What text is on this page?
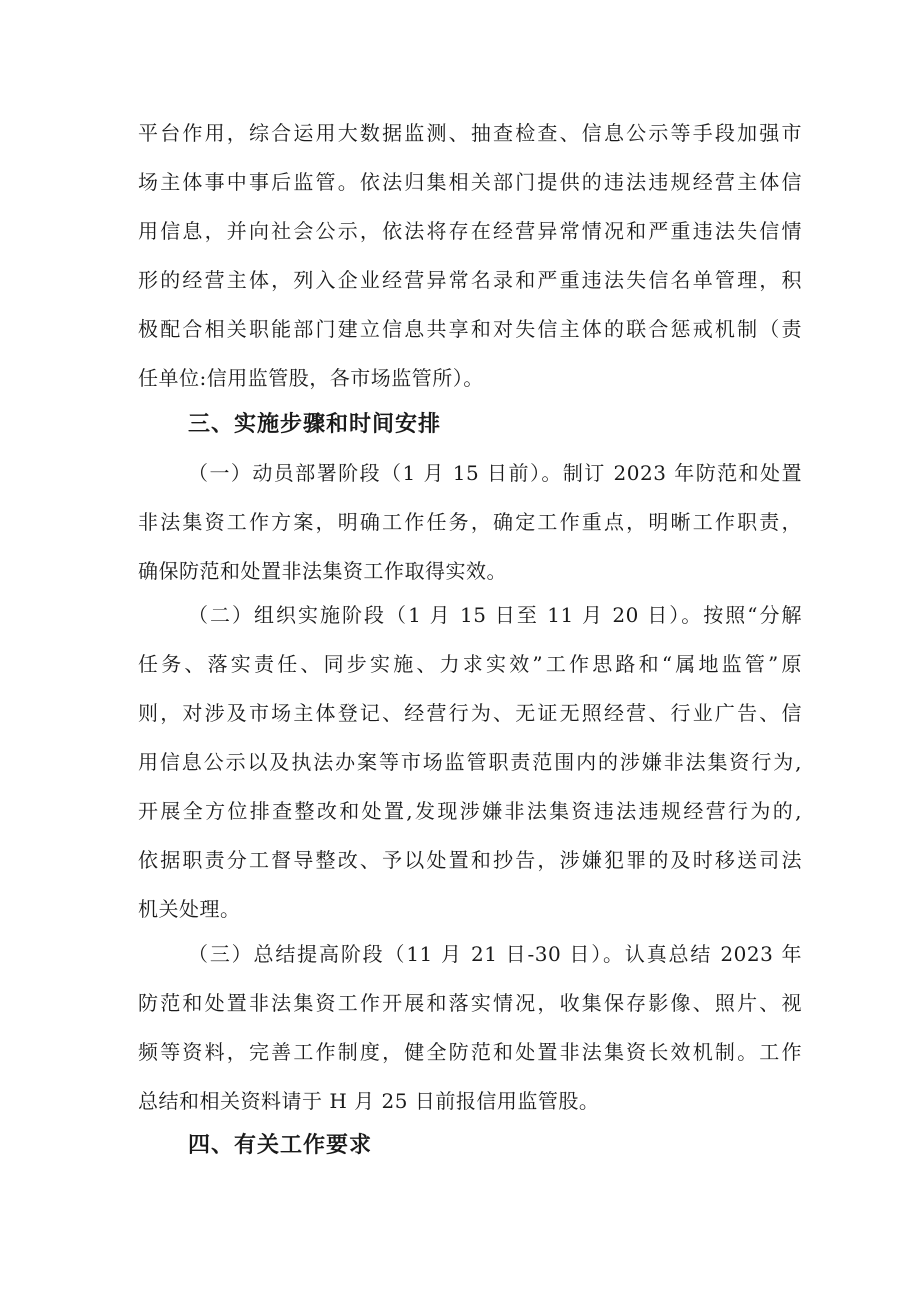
平台作用，综合运用大数据监测、抽查检查、信息公示等手段加强市
场主体事中事后监管。依法归集相关部门提供的违法违规经营主体信
用信息，并向社会公示，依法将存在经营异常情况和严重违法失信情
形的经营主体，列入企业经营异常名录和严重违法失信名单管理，积
极配合相关职能部门建立信息共享和对失信主体的联合惩戒机制（责
任单位:信用监管股，各市场监管所）。
三、实施步骤和时间安排
（一）动员部署阶段（1 月 15 日前）。制订 2023 年防范和处置
非法集资工作方案，明确工作任务，确定工作重点，明晰工作职责，
确保防范和处置非法集资工作取得实效。
（二）组织实施阶段（1 月 15 日至 11 月 20 日）。按照“分解
任务、落实责任、同步实施、力求实效”工作思路和“属地监管”原
则，对涉及市场主体登记、经营行为、无证无照经营、行业广告、信
用信息公示以及执法办案等市场监管职责范围内的涉嫌非法集资行为,
开展全方位排查整改和处置,发现涉嫌非法集资违法违规经营行为的,
依据职责分工督导整改、予以处置和抄告，涉嫌犯罪的及时移送司法
机关处理。
（三）总结提高阶段（11 月 21 日-30 日）。认真总结 2023 年
防范和处置非法集资工作开展和落实情况，收集保存影像、照片、视
频等资料，完善工作制度，健全防范和处置非法集资长效机制。工作
总结和相关资料请于 H 月 25 日前报信用监管股。
四、有关工作要求
